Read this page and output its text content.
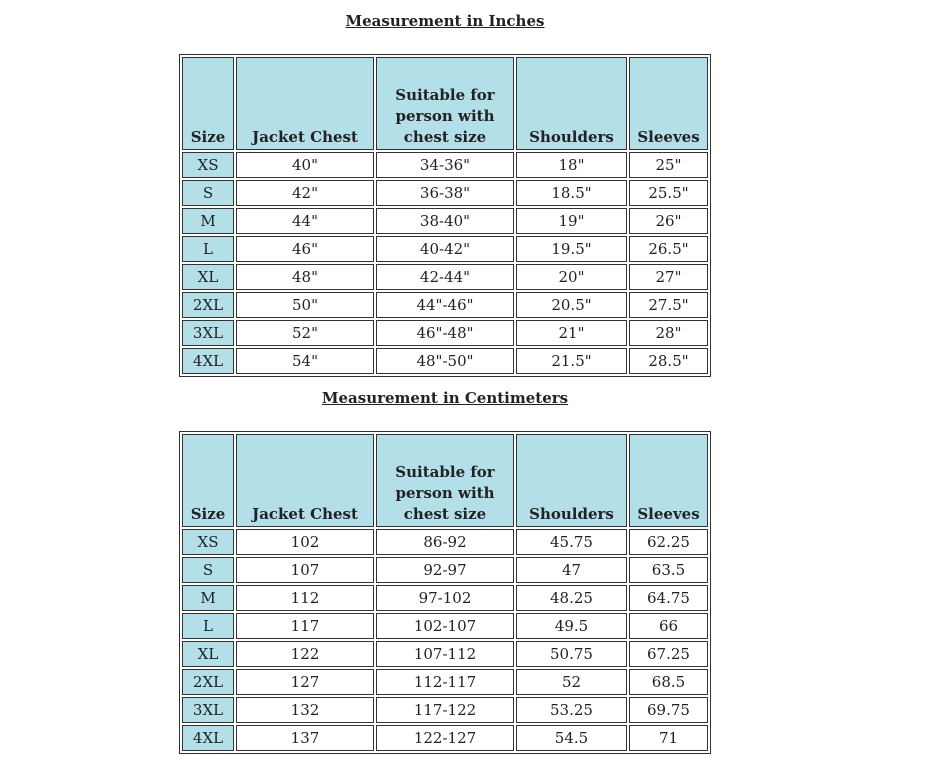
Measurement in Inches
Size	Jacket Chest	Suitable for person with chest size	Shoulders	Sleeves
XS	40"	34-36"	18"	25"
S	42"	36-38"	18.5"	25.5"
M	44"	38-40"	19"	26"
L	46"	40-42"	19.5"	26.5"
XL	48"	42-44"	20"	27"
2XL	50"	44"-46"	20.5"	27.5"
3XL	52"	46"-48"	21"	28"
4XL	54"	48"-50"	21.5"	28.5"
Measurement in Centimeters
Size	Jacket Chest	Suitable for person with chest size	Shoulders	Sleeves
XS	102	86-92	45.75	62.25
S	107	92-97	47	63.5
M	112	97-102	48.25	64.75
L	117	102-107	49.5	66
XL	122	107-112	50.75	67.25
2XL	127	112-117	52	68.5
3XL	132	117-122	53.25	69.75
4XL	137	122-127	54.5	71
